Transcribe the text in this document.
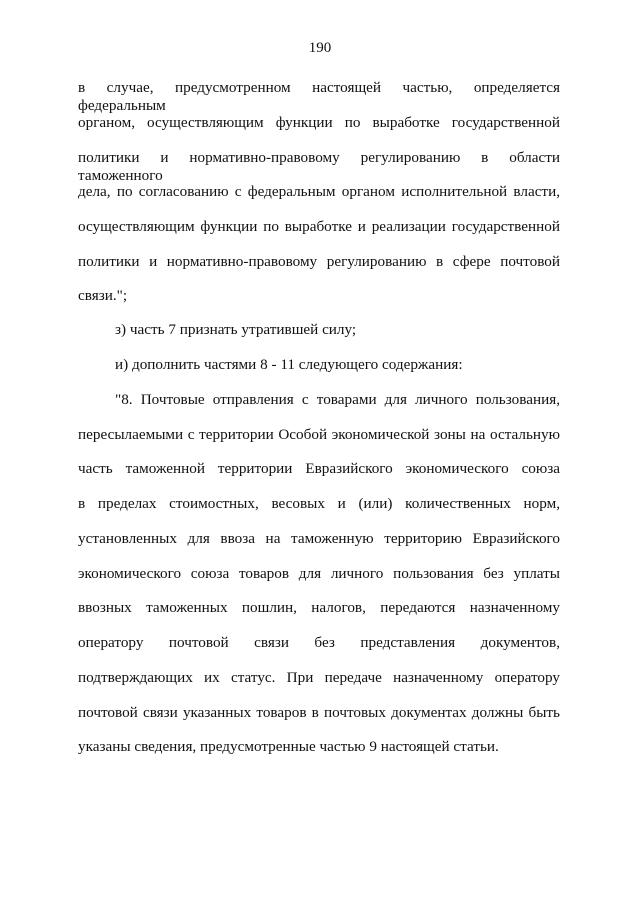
190
в случае, предусмотренном настоящей частью, определяется федеральным
органом, осуществляющим функции по выработке государственной
политики и нормативно-правовому регулированию в области таможенного
дела, по согласованию с федеральным органом исполнительной власти,
осуществляющим функции по выработке и реализации государственной
политики и нормативно-правовому регулированию в сфере почтовой
связи.";
з) часть 7 признать утратившей силу;
и) дополнить частями 8 - 11 следующего содержания:
"8. Почтовые отправления с товарами для личного пользования,
пересылаемыми с территории Особой экономической зоны на остальную
часть таможенной территории Евразийского экономического союза
в пределах стоимостных, весовых и (или) количественных норм,
установленных для ввоза на таможенную территорию Евразийского
экономического союза товаров для личного пользования без уплаты
ввозных таможенных пошлин, налогов, передаются назначенному
оператору почтовой связи без представления документов,
подтверждающих их статус. При передаче назначенному оператору
почтовой связи указанных товаров в почтовых документах должны быть
указаны сведения, предусмотренные частью 9 настоящей статьи.
